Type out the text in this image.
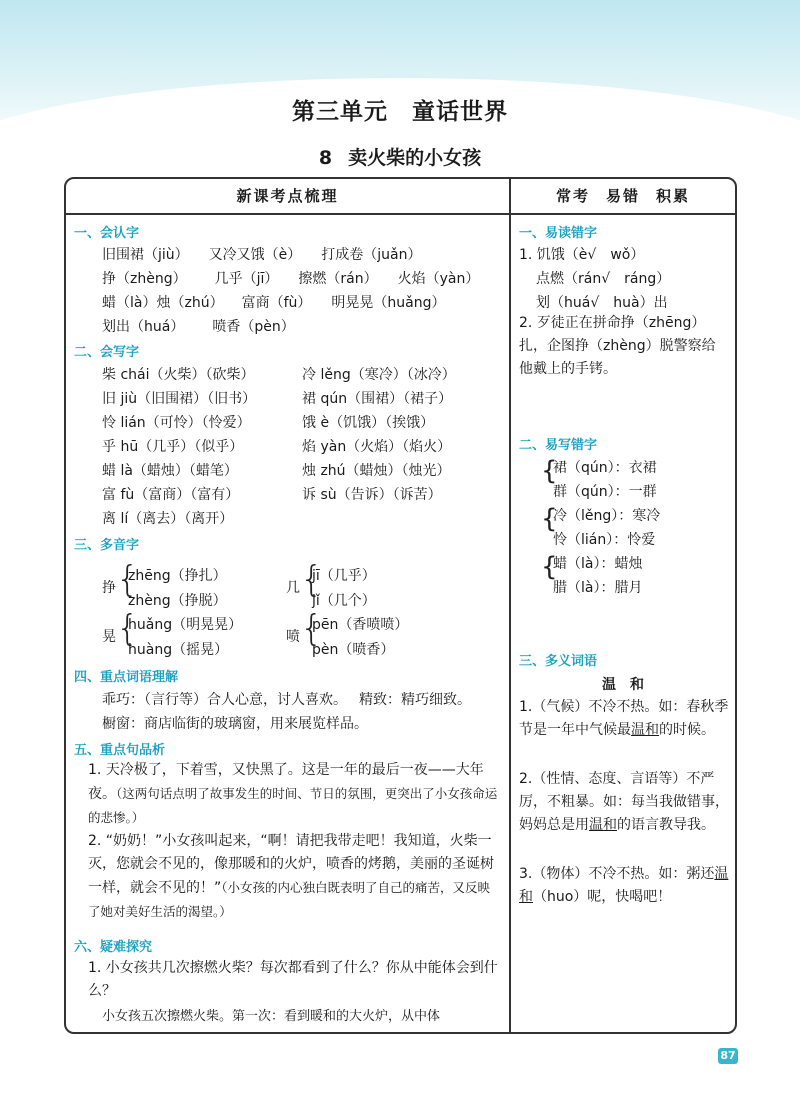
第三单元 童话世界
8 卖火柴的小女孩
新课考点梳理
一、会认字
旧围裙（jiù） 又冷又饿（è） 打成卷（juǎn）
挣（zhèng） 几乎（jī） 擦燃（rán） 火焰（yàn）
蜡（là）烛（zhú） 富商（fù） 明晃晃（huǎng）
划出（huá） 喷香（pèn）
二、会写字
柴 chái（火柴）（砍柴）
旧 jiù（旧围裙）（旧书）
怜 lián（可怜）（怜爱）
乎 hū（几乎）（似乎）
蜡 là（蜡烛）（蜡笔）
富 fù（富商）（富有）
离 lí（离去）（离开）
冷 lěng（寒冷）（冰冷）
裙 qún（围裙）（裙子）
饿 è（饥饿）（挨饿）
焰 yàn（火焰）（焰火）
烛 zhú（蜡烛）（烛光）
诉 sù（告诉）（诉苦）
三、多音字
挣 {
zhēng（挣扎）
zhèng（挣脱）
几 {
jī（几乎）
jǐ（几个）
晃 {
huǎng（明晃晃）
huàng（摇晃）
喷 {
pēn（香喷喷）
pèn（喷香）
四、重点词语理解
乖巧：（言行等）合人心意，讨人喜欢。 精致：精巧细致。
橱窗：商店临街的玻璃窗，用来展览样品。
五、重点句品析
1. 天冷极了，下着雪，又快黑了。这是一年的最后一夜——大年夜。（这两句话点明了故事发生的时间、节日的氛围，更突出了小女孩命运的悲惨。）
2. “奶奶！”小女孩叫起来，“啊！请把我带走吧！我知道，火柴一灭，您就会不见的，像那暖和的火炉，喷香的烤鹅，美丽的圣诞树一样，就会不见的！”（小女孩的内心独白既表明了自己的痛苦，又反映了她对美好生活的渴望。）
六、疑难探究
1. 小女孩共几次擦燃火柴？每次都看到了什么？你从中能体会到什么？
小女孩五次擦燃火柴。第一次：看到暖和的大火炉，从中体
常考 易错 积累
一、易读错字
1. 饥饿（è√　wǒ）
点燃（rán√　ráng）
划（huá√　huà）出
2. 歹徒正在拼命挣（zhēng）扎，企图挣（zhèng）脱警察给他戴上的手铐。
二、易写错字
{
裙（qún）：衣裙
群（qún）：一群
{
冷（lěng）：寒冷
怜（lián）：怜爱
{
蜡（là）：蜡烛
腊（là）：腊月
三、多义词语
温　和
1.（气候）不冷不热。如：春秋季节是一年中气候最温和的时候。
2.（性情、态度、言语等）不严厉，不粗暴。如：每当我做错事，妈妈总是用温和的语言教导我。
3.（物体）不冷不热。如：粥还温和（huo）呢，快喝吧！
87
